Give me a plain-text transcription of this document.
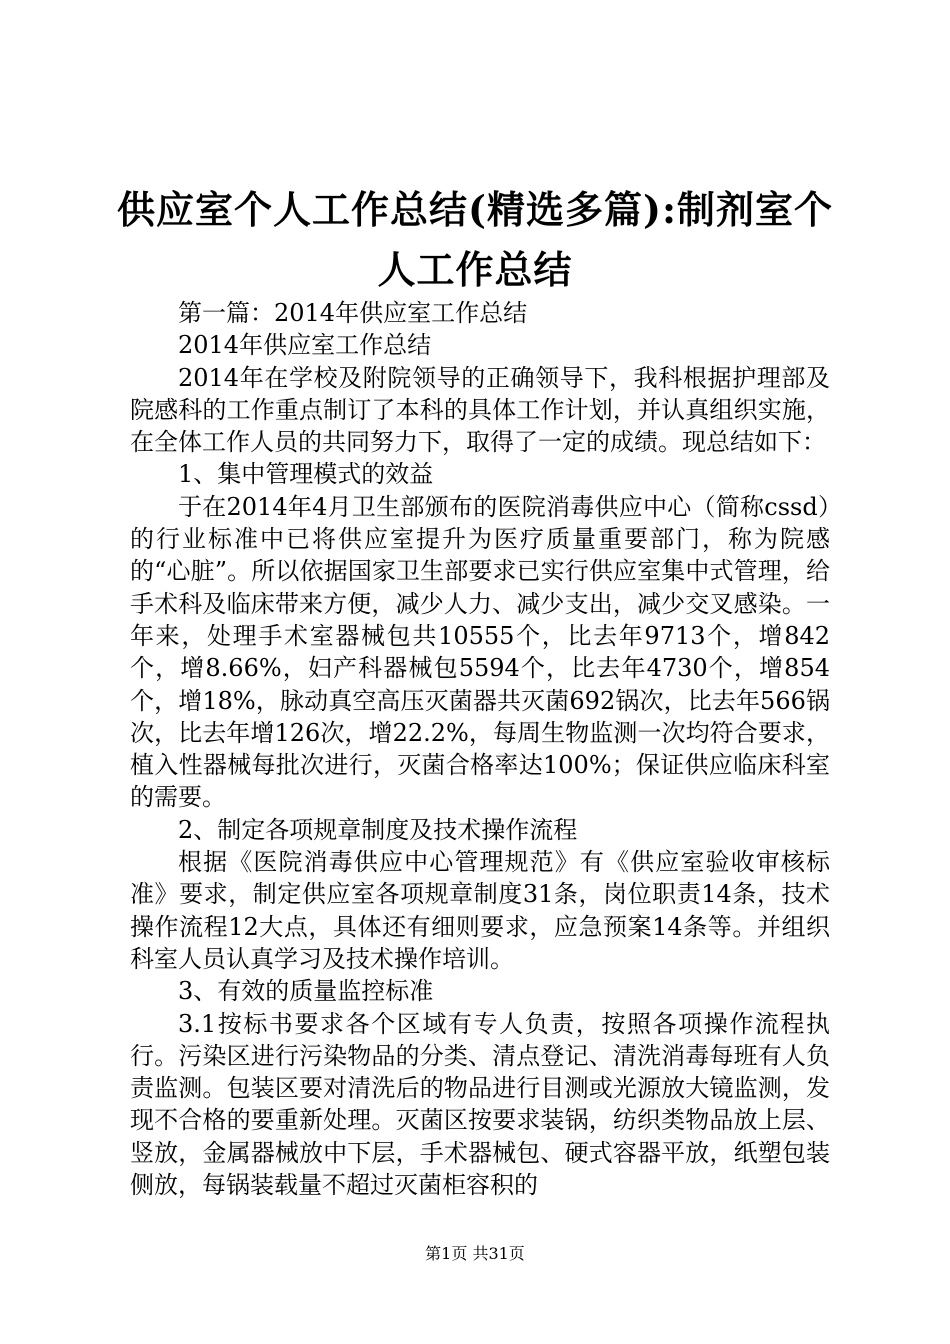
供应室个人工作总结(精选多篇):制剂室个人工作总结

第一篇：2014年供应室工作总结

2014年供应室工作总结

2014年在学校及附院领导的正确领导下，我科根据护理部及院感科的工作重点制订了本科的具体工作计划，并认真组织实施，在全体工作人员的共同努力下，取得了一定的成绩。现总结如下：

1、集中管理模式的效益

于在2014年4月卫生部颁布的医院消毒供应中心（简称cssd）的行业标准中已将供应室提升为医疗质量重要部门，称为院感的“心脏”。所以依据国家卫生部要求已实行供应室集中式管理，给手术科及临床带来方便，减少人力、减少支出，减少交叉感染。一年来，处理手术室器械包共10555个，比去年9713个，增842个，增8.66%，妇产科器械包5594个，比去年4730个，增854个，增18%，脉动真空高压灭菌器共灭菌692锅次，比去年566锅次，比去年增126次，增22.2%，每周生物监测一次均符合要求，植入性器械每批次进行，灭菌合格率达100%；保证供应临床科室的需要。

2、制定各项规章制度及技术操作流程

根据《医院消毒供应中心管理规范》有《供应室验收审核标准》要求，制定供应室各项规章制度31条，岗位职责14条，技术操作流程12大点，具体还有细则要求，应急预案14条等。并组织科室人员认真学习及技术操作培训。

3、有效的质量监控标准

3.1按标书要求各个区域有专人负责，按照各项操作流程执行。污染区进行污染物品的分类、清点登记、清洗消毒每班有人负责监测。包装区要对清洗后的物品进行目测或光源放大镜监测，发现不合格的要重新处理。灭菌区按要求装锅，纺织类物品放上层、竖放，金属器械放中下层，手术器械包、硬式容器平放，纸塑包装侧放，每锅装载量不超过灭菌柜容积的

第1页 共31页
